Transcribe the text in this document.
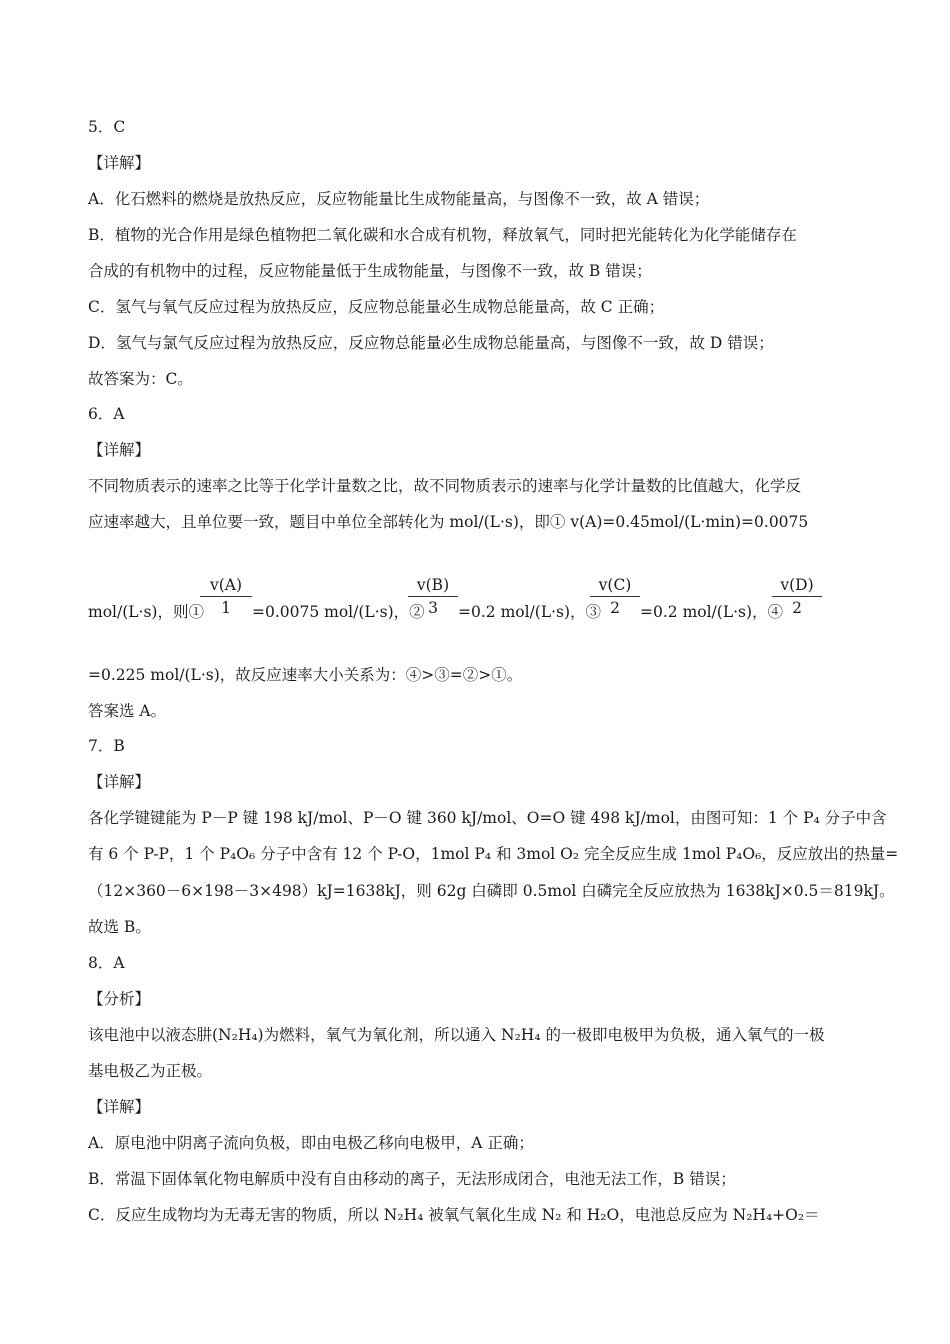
5．C
【详解】
A．化石燃料的燃烧是放热反应，反应物能量比生成物能量高，与图像不一致，故 A 错误；
B．植物的光合作用是绿色植物把二氧化碳和水合成有机物，释放氧气，同时把光能转化为化学能储存在
合成的有机物中的过程，反应物能量低于生成物能量，与图像不一致，故 B 错误；
C．氢气与氧气反应过程为放热反应，反应物总能量必生成物总能量高，故 C 正确；
D．氢气与氯气反应过程为放热反应，反应物总能量必生成物总能量高，与图像不一致，故 D 错误；
故答案为：C。
6．A
【详解】
不同物质表示的速率之比等于化学计量数之比，故不同物质表示的速率与化学计量数的比值越大，化学反
应速率越大，且单位要一致，题目中单位全部转化为 mol/(L·s)，即① v(A)=0.45mol/(L·min)=0.0075
mol/(L·s)，则①
v(A)
1	=0.0075 mol/(L·s)，②
v(B)
3	=0.2 mol/(L·s)，③
v(C)
2	=0.2 mol/(L·s)，④
v(D)
2
=0.225 mol/(L·s)，故反应速率大小关系为：④>③=②>①。
答案选 A。
7．B
【详解】
各化学键键能为 P－P 键 198 kJ/mol、P－O 键 360 kJ/mol、O=O 键 498 kJ/mol，由图可知：1 个 P₄ 分子中含
有 6 个 P-P，1 个 P₄O₆ 分子中含有 12 个 P-O，1mol P₄ 和 3mol O₂ 完全反应生成 1mol P₄O₆，反应放出的热量=
（12×360－6×198－3×498）kJ=1638kJ，则 62g 白磷即 0.5mol 白磷完全反应放热为 1638kJ×0.5＝819kJ。
故选 B。
8．A
【分析】
该电池中以液态肼(N₂H₄)为燃料，氧气为氧化剂，所以通入 N₂H₄ 的一极即电极甲为负极，通入氧气的一极
基电极乙为正极。
【详解】
A．原电池中阴离子流向负极，即由电极乙移向电极甲，A 正确；
B．常温下固体氧化物电解质中没有自由移动的离子，无法形成闭合，电池无法工作，B 错误；
C．反应生成物均为无毒无害的物质，所以 N₂H₄ 被氧气氧化生成 N₂ 和 H₂O，电池总反应为 N₂H₄+O₂＝
